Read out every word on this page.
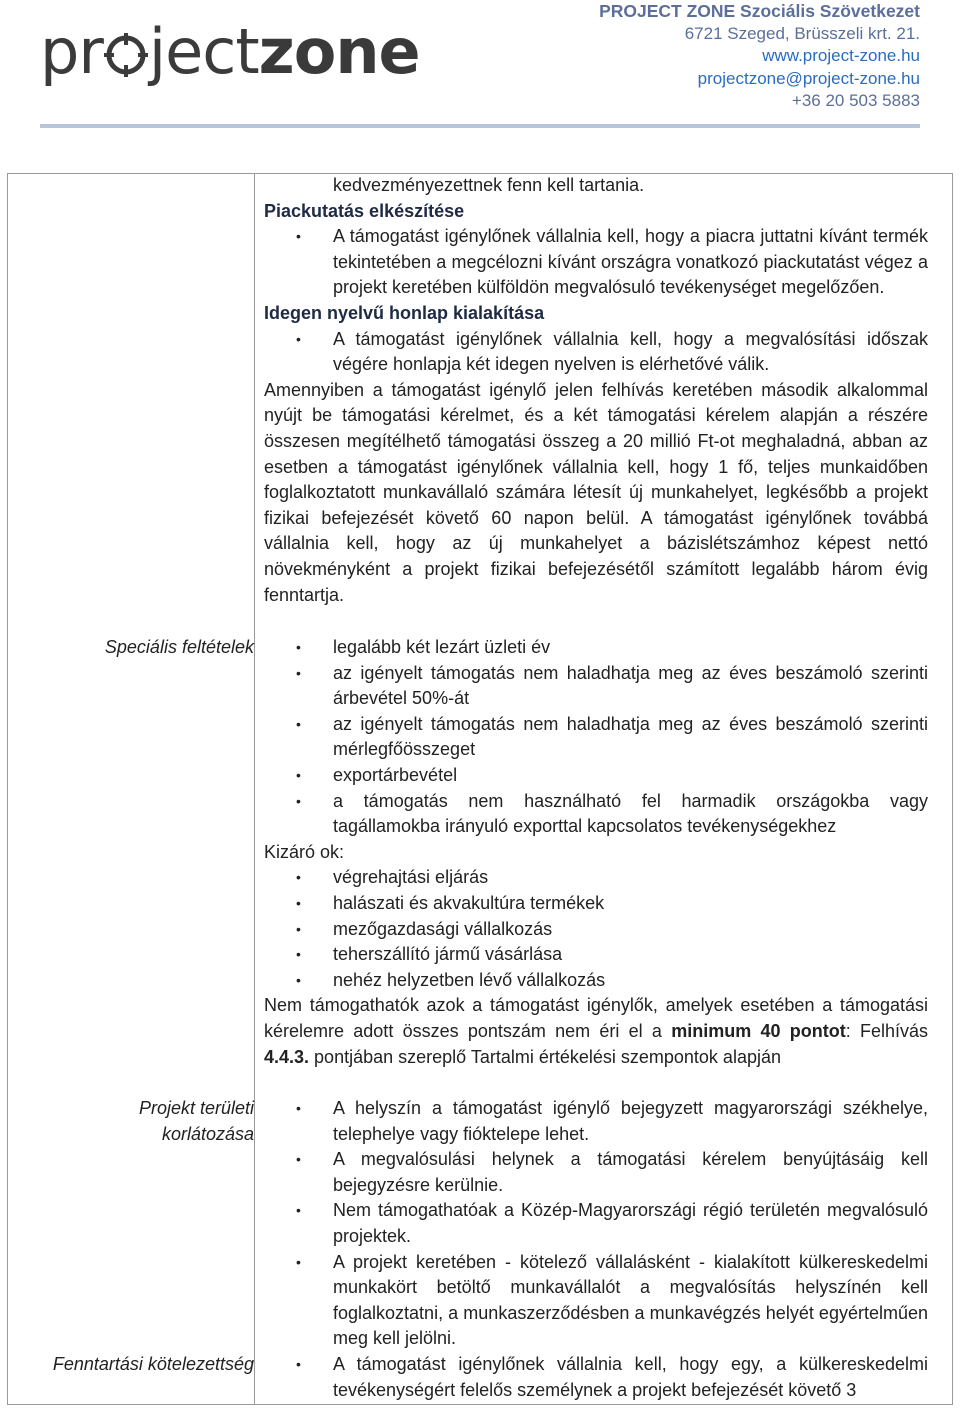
pr jectzone
PROJECT ZONE Szociális Szövetkezet
6721 Szeged, Brüsszeli krt. 21.
www.project-zone.hu
projectzone@project-zone.hu
+36 20 503 5883
Speciális feltételek
Projekt területi
korlátozása
Fenntartási kötelezettség
kedvezményezettnek fenn kell tartania.
Piackutatás elkészítése
• A támogatást igénylőnek vállalnia kell, hogy a piacra juttatni kívánt termék tekintetében a megcélozni kívánt országra vonatkozó piackutatást végez a projekt keretében külföldön megvalósuló tevékenységet megelőzően.
Idegen nyelvű honlap kialakítása
• A támogatást igénylőnek vállalnia kell, hogy a megvalósítási időszak végére honlapja két idegen nyelven is elérhetővé válik.

Amennyiben a támogatást igénylő jelen felhívás keretében második alkalommal nyújt be támogatási kérelmet, és a két támogatási kérelem alapján a részére összesen megítélhető támogatási összeg a 20 millió Ft-ot meghaladná, abban az esetben a támogatást igénylőnek vállalnia kell, hogy 1 fő, teljes munkaidőben foglalkoztatott munkavállaló számára létesít új munkahelyet, legkésőbb a projekt fizikai befejezését követő 60 napon belül. A támogatást igénylőnek továbbá vállalnia kell, hogy az új munkahelyet a bázislétszámhoz képest nettó növekményként a projekt fizikai befejezésétől számított legalább három évig fenntartja.

• legalább két lezárt üzleti év
• az igényelt támogatás nem haladhatja meg az éves beszámoló szerinti árbevétel 50%-át
• az igényelt támogatás nem haladhatja meg az éves beszámoló szerinti mérlegfőösszeget
• exportárbevétel
• a támogatás nem használható fel harmadik országokba vagy tagállamokba irányuló exporttal kapcsolatos tevékenységekhez
Kizáró ok:
• végrehajtási eljárás
• halászati és akvakultúra termékek
• mezőgazdasági vállalkozás
• teherszállító jármű vásárlása
• nehéz helyzetben lévő vállalkozás

Nem támogathatók azok a támogatást igénylők, amelyek esetében a támogatási kérelemre adott összes pontszám nem éri el a minimum 40 pontot: Felhívás 4.4.3. pontjában szereplő Tartalmi értékelési szempontok alapján

• A helyszín a támogatást igénylő bejegyzett magyarországi székhelye, telephelye vagy fióktelepe lehet.
• A megvalósulási helynek a támogatási kérelem benyújtásáig kell bejegyzésre kerülnie.
• Nem támogathatóak a Közép-Magyarországi régió területén megvalósuló projektek.
• A projekt keretében - kötelező vállalásként - kialakított külkereskedelmi munkakört betöltő munkavállalót a megvalósítás helyszínén kell foglalkoztatni, a munkaszerződésben a munkavégzés helyét egyértelműen meg kell jelölni.
• A támogatást igénylőnek vállalnia kell, hogy egy, a külkereskedelmi tevékenységért felelős személynek a projekt befejezését követő 3
